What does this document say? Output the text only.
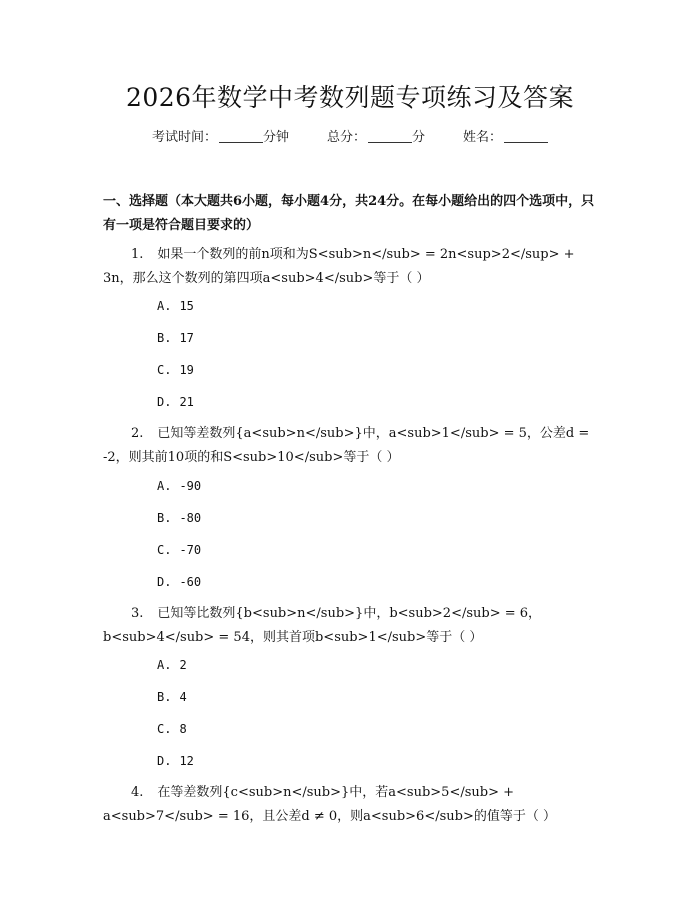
2026年数学中考数列题专项练习及答案
考试时间：	分钟	总分：	分	姓名：
一、选择题（本大题共6小题，每小题4分，共24分。在每小题给出的四个选项中，只有一项是符合题目要求的）
1. 如果一个数列的前n项和为S<sub>n</sub> = 2n<sup>2</sup> + 3n，那么这个数列的第四项a<sub>4</sub>等于（ ）
A. 15
B. 17
C. 19
D. 21
2. 已知等差数列{a<sub>n</sub>}中，a<sub>1</sub> = 5，公差d = -2，则其前10项的和S<sub>10</sub>等于（ ）
A. -90
B. -80
C. -70
D. -60
3. 已知等比数列{b<sub>n</sub>}中，b<sub>2</sub> = 6，b<sub>4</sub> = 54，则其首项b<sub>1</sub>等于（ ）
A. 2
B. 4
C. 8
D. 12
4. 在等差数列{c<sub>n</sub>}中，若a<sub>5</sub> + a<sub>7</sub> = 16，且公差d ≠ 0，则a<sub>6</sub>的值等于（ ）
